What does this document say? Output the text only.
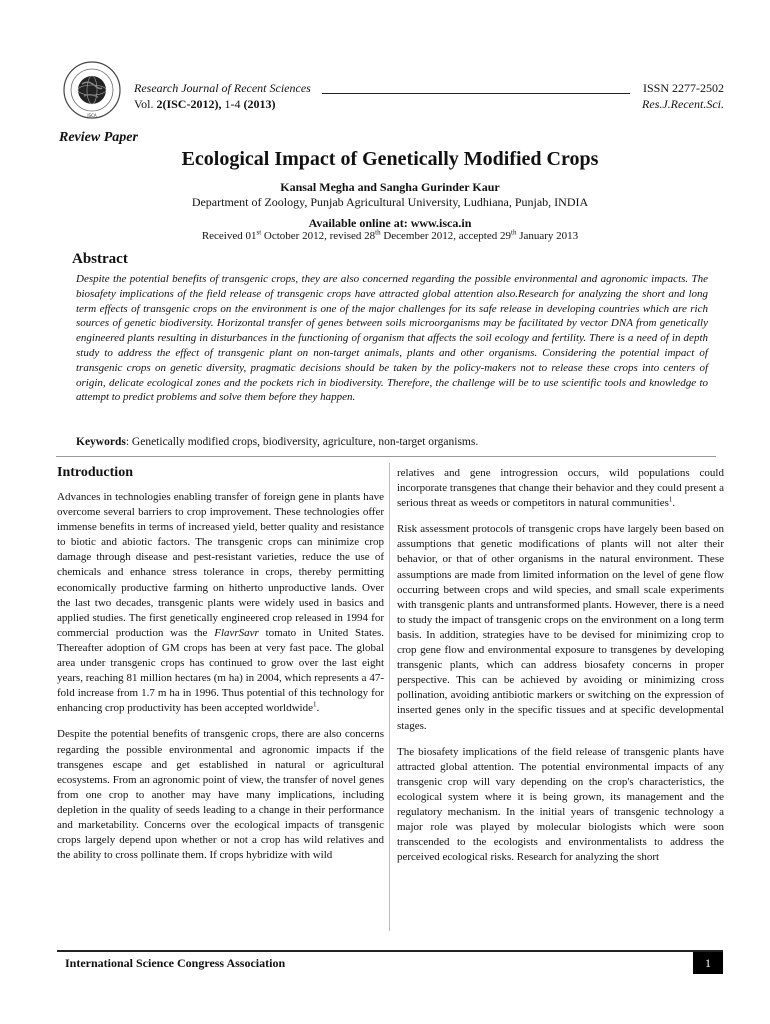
ISCA
Research Journal of Recent Sciences
Vol. 2(ISC-2012), 1-4 (2013)
ISSN 2277-2502
Res.J.Recent.Sci.
Review Paper
Ecological Impact of Genetically Modified Crops
Kansal Megha and Sangha Gurinder Kaur
Department of Zoology, Punjab Agricultural University, Ludhiana, Punjab, INDIA
Available online at: www.isca.in
Received 01st October 2012, revised 28th December 2012, accepted 29th January 2013
Abstract
Despite the potential benefits of transgenic crops, they are also concerned regarding the possible environmental and agronomic impacts. The biosafety implications of the field release of transgenic crops have attracted global attention also.Research for analyzing the short and long term effects of transgenic crops on the environment is one of the major challenges for its safe release in developing countries which are rich sources of genetic biodiversity. Horizontal transfer of genes between soils microorganisms may be facilitated by vector DNA from genetically engineered plants resulting in disturbances in the functioning of organism that affects the soil ecology and fertility. There is a need of in depth study to address the effect of transgenic plant on non-target animals, plants and other organisms. Considering the potential impact of transgenic crops on genetic diversity, pragmatic decisions should be taken by the policy-makers not to release these crops into centers of origin, delicate ecological zones and the pockets rich in biodiversity. Therefore, the challenge will be to use scientific tools and knowledge to attempt to predict problems and solve them before they happen.
Keywords: Genetically modified crops, biodiversity, agriculture, non-target organisms.
Introduction

Advances in technologies enabling transfer of foreign gene in plants have overcome several barriers to crop improvement. These technologies offer immense benefits in terms of increased yield, better quality and resistance to biotic and abiotic factors. The transgenic crops can minimize crop damage through disease and pest-resistant varieties, reduce the use of chemicals and enhance stress tolerance in crops, thereby permitting economically productive farming on hitherto unproductive lands. Over the last two decades, transgenic plants were widely used in basics and applied studies. The first genetically engineered crop released in 1994 for commercial production was the FlavrSavr tomato in United States. Thereafter adoption of GM crops has been at very fast pace. The global area under transgenic crops has continued to grow over the last eight years, reaching 81 million hectares (m ha) in 2004, which represents a 47-fold increase from 1.7 m ha in 1996. Thus potential of this technology for enhancing crop productivity has been accepted worldwide$^1$.

Despite the potential benefits of transgenic crops, there are also concerns regarding the possible environmental and agronomic impacts if the transgenes escape and get established in natural or agricultural ecosystems. From an agronomic point of view, the transfer of novel genes from one crop to another may have many implications, including depletion in the quality of seeds leading to a change in their performance and marketability. Concerns over the ecological impacts of transgenic crops largely depend upon whether or not a crop has wild relatives and the ability to cross pollinate them. If crops hybridize with wild

relatives and gene introgression occurs, wild populations could incorporate transgenes that change their behavior and they could present a serious threat as weeds or competitors in natural communities$^1$.

Risk assessment protocols of transgenic crops have largely been based on assumptions that genetic modifications of plants will not alter their behavior, or that of other organisms in the natural environment. These assumptions are made from limited information on the level of gene flow occurring between crops and wild species, and small scale experiments with transgenic plants and untransformed plants. However, there is a need to study the impact of transgenic crops on the environment on a long term basis. In addition, strategies have to be devised for minimizing crop to crop gene flow and environmental exposure to transgenes by developing transgenic plants, which can address biosafety concerns in proper perspective. This can be achieved by avoiding or minimizing cross pollination, avoiding antibiotic markers or switching on the expression of inserted genes only in the specific tissues and at specific developmental stages.

The biosafety implications of the field release of transgenic plants have attracted global attention. The potential environmental impacts of any transgenic crop will vary depending on the crop's characteristics, the ecological system where it is being grown, its management and the regulatory mechanism. In the initial years of transgenic technology a major role was played by molecular biologists which were soon transcended to the ecologists and environmentalists to address the perceived ecological risks. Research for analyzing the short

International Science Congress Association	1
